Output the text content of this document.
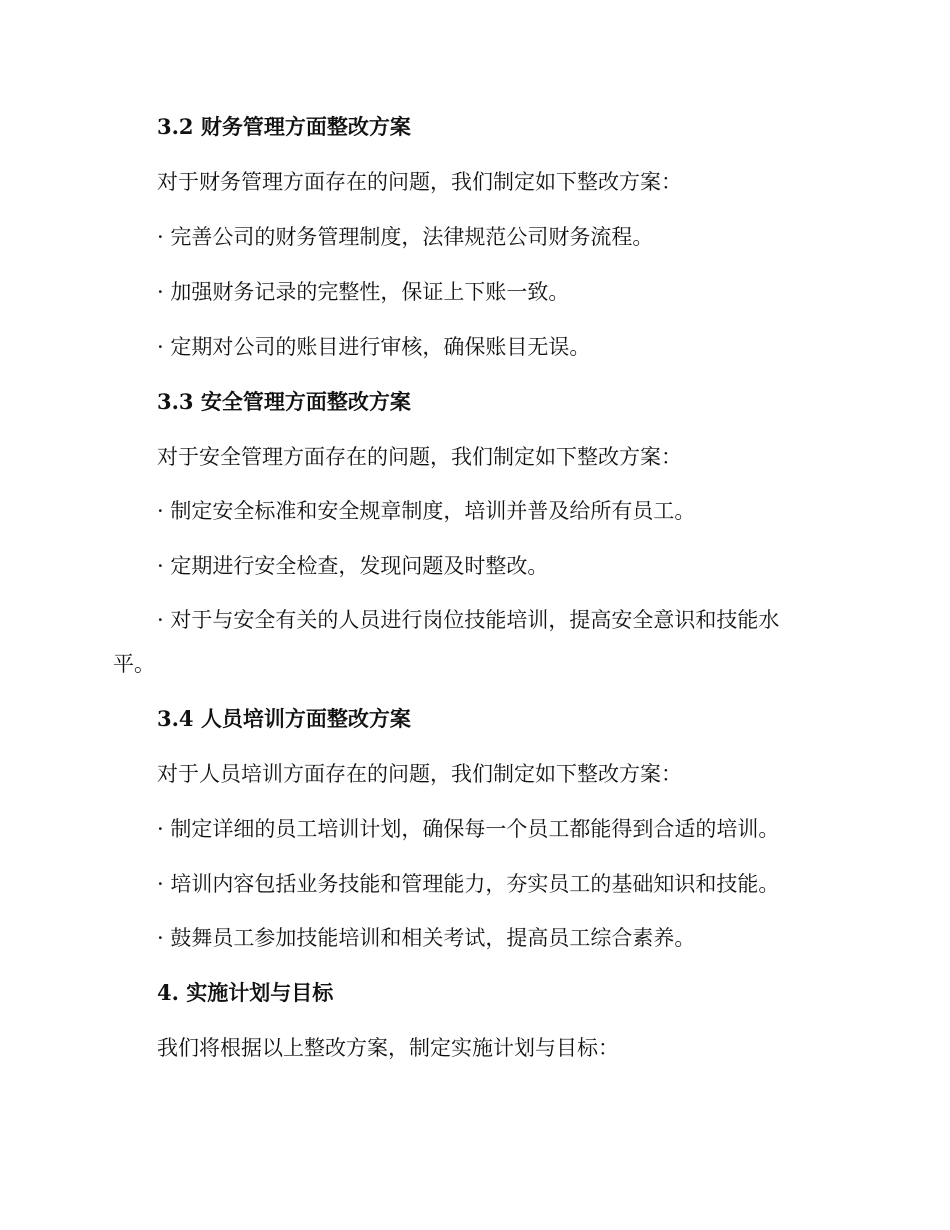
3.2 财务管理方面整改方案
对于财务管理方面存在的问题，我们制定如下整改方案：
· 完善公司的财务管理制度，法律规范公司财务流程。
· 加强财务记录的完整性，保证上下账一致。
· 定期对公司的账目进行审核，确保账目无误。
3.3 安全管理方面整改方案
对于安全管理方面存在的问题，我们制定如下整改方案：
· 制定安全标准和安全规章制度，培训并普及给所有员工。
· 定期进行安全检查，发现问题及时整改。
· 对于与安全有关的人员进行岗位技能培训，提高安全意识和技能水
平。
3.4 人员培训方面整改方案
对于人员培训方面存在的问题，我们制定如下整改方案：
· 制定详细的员工培训计划，确保每一个员工都能得到合适的培训。
· 培训内容包括业务技能和管理能力，夯实员工的基础知识和技能。
· 鼓舞员工参加技能培训和相关考试，提高员工综合素养。
4. 实施计划与目标
我们将根据以上整改方案，制定实施计划与目标：
